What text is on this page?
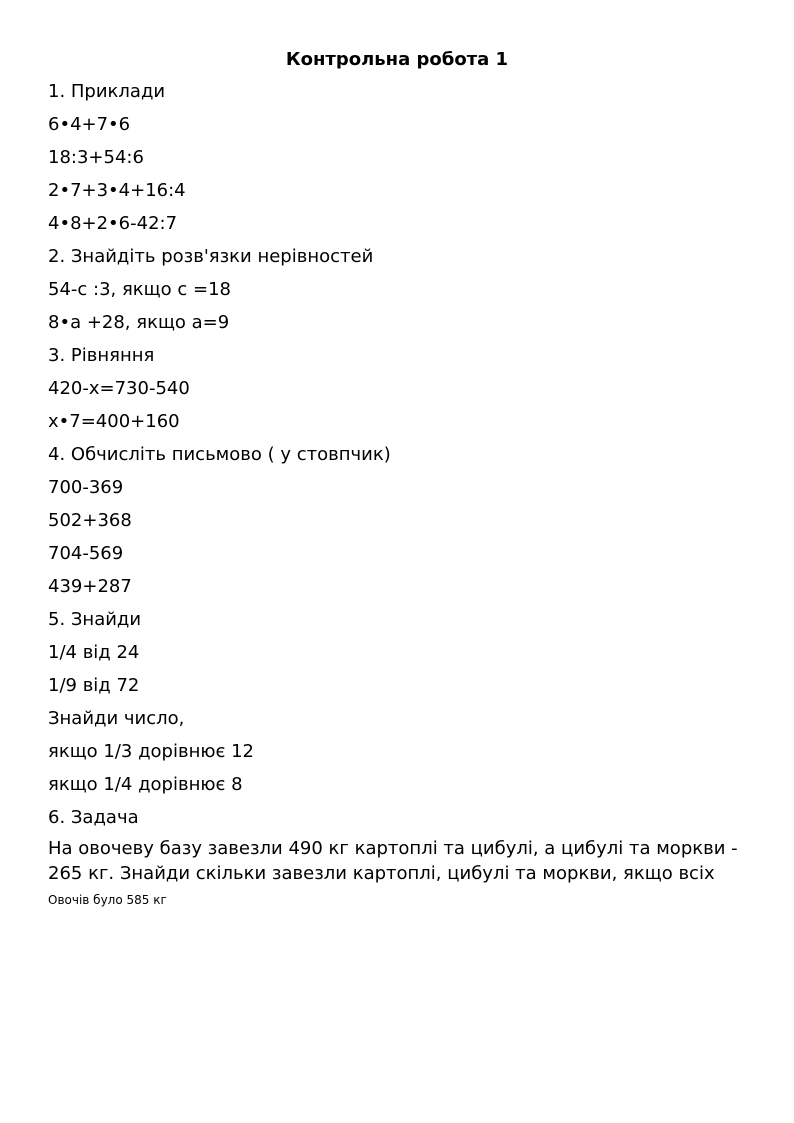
Контрольна робота 1
1. Приклади
6•4+7•6
18:3+54:6
2•7+3•4+16:4
4•8+2•6-42:7
2. Знайдіть розв'язки нерівностей
54-с :3, якщо с =18
8•а +28, якщо а=9
3. Рівняння
420-х=730-540
х•7=400+160
4. Обчисліть письмово ( у стовпчик)
700-369
502+368
704-569
439+287
5. Знайди
1/4 від 24
1/9 від 72
Знайди число,
якщо 1/3 дорівнює 12
якщо 1/4 дорівнює 8
6. Задача

На овочеву базу завезли 490 кг картоплі та цибулі, а цибулі та моркви - 265 кг. Знайди скільки завезли картоплі, цибулі та моркви, якщо всіх Овочів було 585 кг
